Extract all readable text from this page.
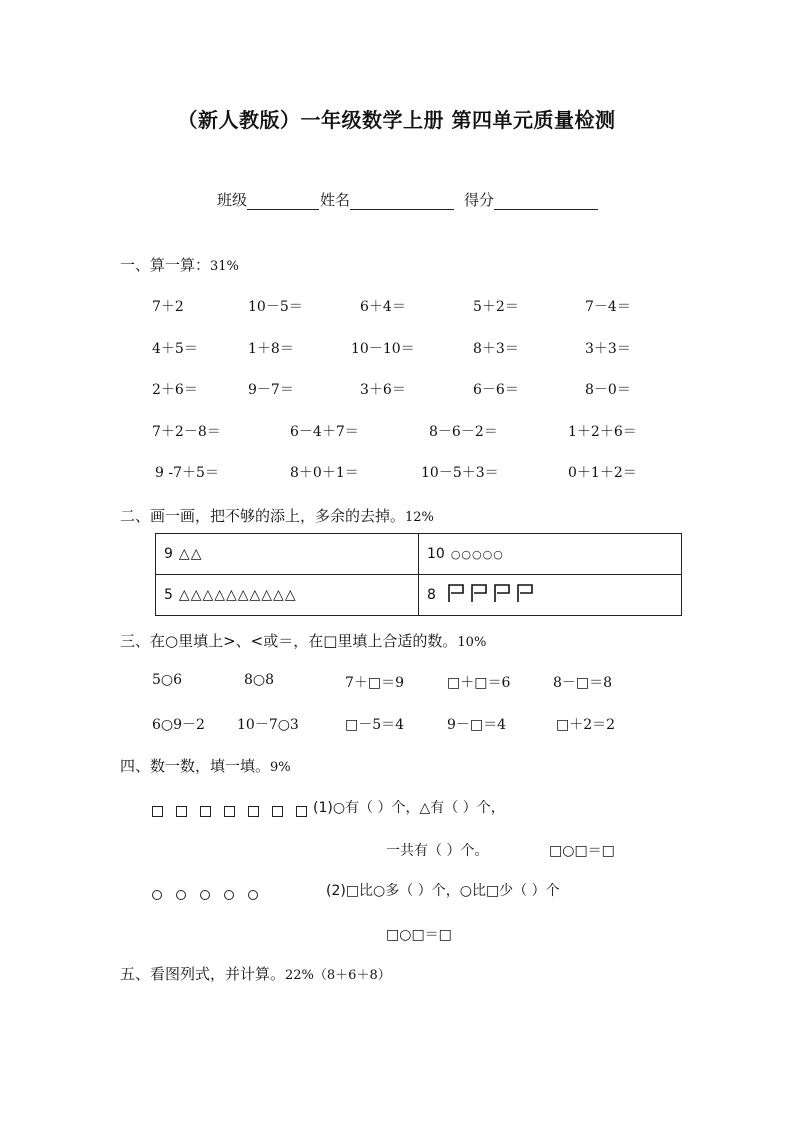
（新人教版）一年级数学上册 第四单元质量检测
班级	姓名	得分
一、算一算：31%
7＋2	10－5＝	6＋4＝	5＋2＝	7－4＝
4＋5＝	1＋8＝	10－10＝	8＋3＝	3＋3＝
2＋6＝	9－7＝	3＋6＝	6－6＝	8－0＝
7＋2－8＝	6－4＋7＝	8－6－2＝	1＋2＋6＝
9 -7＋5＝	8＋0＋1＝	10－5＋3＝	0＋1＋2＝
二、画一画，把不够的添上，多余的去掉。12%
9 △△	10 ○○○○○
5 △△△△△△△△△△	8
三、在○里填上>、<或＝，在□里填上合适的数。10%
5○6	8○8	7＋□＝9	□＋□＝6	8－□＝8
6○9－2 10－7○3	□－5＝4	9－□＝4	□＋2＝2
四、数一数，填一填。9%
(1)○有（ ）个，△有（ ）个，
一共有（ ）个。	□○□＝□
(2)□比○多（ ）个，○比□少（ ）个
□○□＝□
五、看图列式，并计算。22%（8＋6＋8）
